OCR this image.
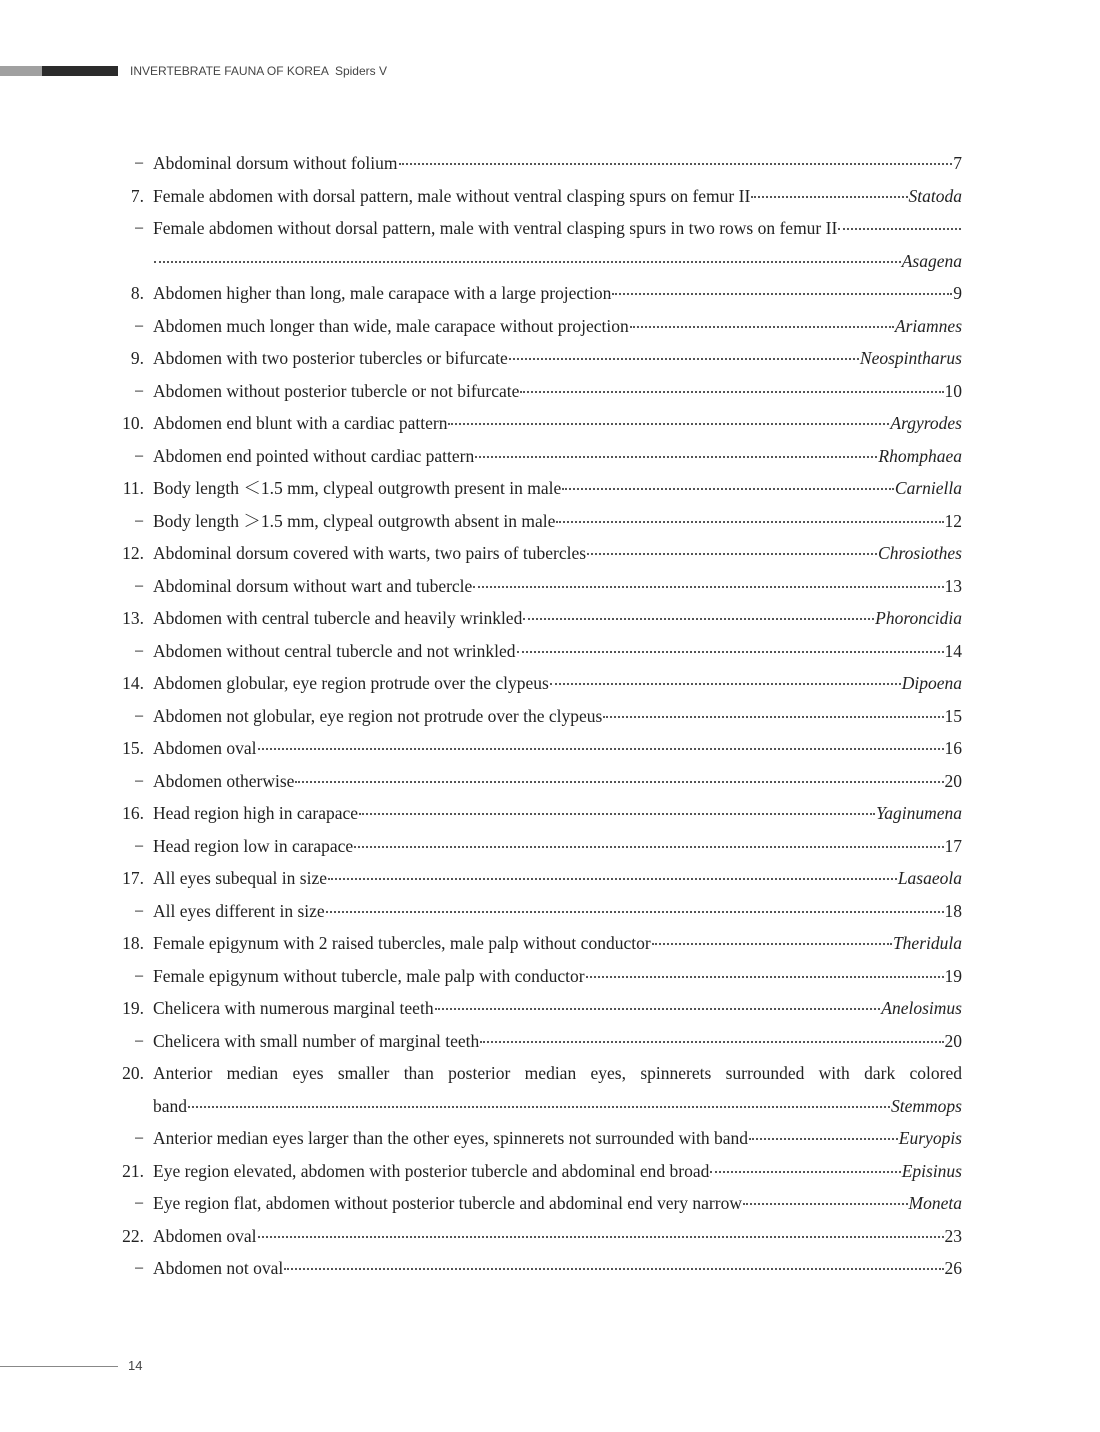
INVERTEBRATE FAUNA OF KOREA Spiders V
− Abdominal dorsum without folium	7
7. Female abdomen with dorsal pattern, male without ventral clasping spurs on femur II	Statoda
− Female abdomen without dorsal pattern, male with ventral clasping spurs in two rows on femur II
Asagena
8. Abdomen higher than long, male carapace with a large projection	9
− Abdomen much longer than wide, male carapace without projection	Ariamnes
9. Abdomen with two posterior tubercles or bifurcate	Neospintharus
− Abdomen without posterior tubercle or not bifurcate	10
10. Abdomen end blunt with a cardiac pattern	Argyrodes
− Abdomen end pointed without cardiac pattern	Rhomphaea
11. Body length ＜1.5 mm, clypeal outgrowth present in male	Carniella
− Body length ＞1.5 mm, clypeal outgrowth absent in male	12
12. Abdominal dorsum covered with warts, two pairs of tubercles	Chrosiothes
− Abdominal dorsum without wart and tubercle	13
13. Abdomen with central tubercle and heavily wrinkled	Phoroncidia
− Abdomen without central tubercle and not wrinkled	14
14. Abdomen globular, eye region protrude over the clypeus	Dipoena
− Abdomen not globular, eye region not protrude over the clypeus	15
15. Abdomen oval	16
− Abdomen otherwise	20
16. Head region high in carapace	Yaginumena
− Head region low in carapace	17
17. All eyes subequal in size	Lasaeola
− All eyes different in size	18
18. Female epigynum with 2 raised tubercles, male palp without conductor	Theridula
− Female epigynum without tubercle, male palp with conductor	19
19. Chelicera with numerous marginal teeth	Anelosimus
− Chelicera with small number of marginal teeth	20
20. Anterior median eyes smaller than posterior median eyes, spinnerets surrounded with dark colored
band	Stemmops
− Anterior median eyes larger than the other eyes, spinnerets not surrounded with band	Euryopis
21. Eye region elevated, abdomen with posterior tubercle and abdominal end broad	Episinus
− Eye region flat, abdomen without posterior tubercle and abdominal end very narrow	Moneta
22. Abdomen oval	23
− Abdomen not oval	26
14
